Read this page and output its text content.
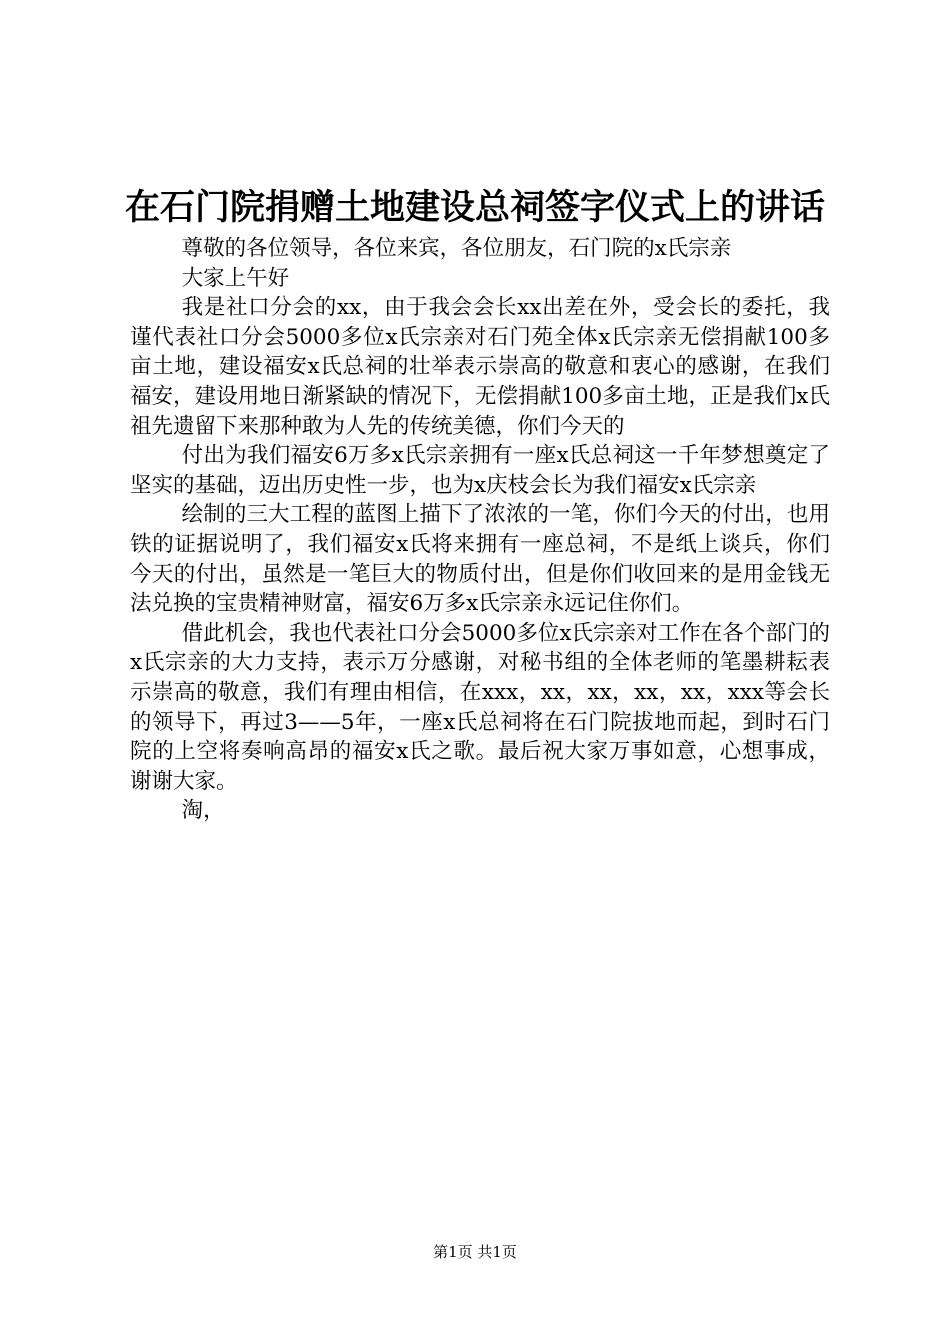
在石门院捐赠土地建设总祠签字仪式上的讲话

尊敬的各位领导，各位来宾，各位朋友，石门院的x氏宗亲

大家上午好

我是社口分会的xx，由于我会会长xx出差在外，受会长的委托，我谨代表社口分会5000多位x氏宗亲对石门苑全体x氏宗亲无偿捐献100多亩土地，建设福安x氏总祠的壮举表示崇高的敬意和衷心的感谢，在我们福安，建设用地日渐紧缺的情况下，无偿捐献100多亩土地，正是我们x氏祖先遗留下来那种敢为人先的传统美德，你们今天的

付出为我们福安6万多x氏宗亲拥有一座x氏总祠这一千年梦想奠定了坚实的基础，迈出历史性一步，也为x庆枝会长为我们福安x氏宗亲

绘制的三大工程的蓝图上描下了浓浓的一笔，你们今天的付出，也用铁的证据说明了，我们福安x氏将来拥有一座总祠，不是纸上谈兵，你们今天的付出，虽然是一笔巨大的物质付出，但是你们收回来的是用金钱无法兑换的宝贵精神财富，福安6万多x氏宗亲永远记住你们。

借此机会，我也代表社口分会5000多位x氏宗亲对工作在各个部门的x氏宗亲的大力支持，表示万分感谢，对秘书组的全体老师的笔墨耕耘表示崇高的敬意，我们有理由相信，在xxx，xx，xx，xx，xx，xxx等会长的领导下，再过3——5年，一座x氏总祠将在石门院拔地而起，到时石门院的上空将奏响高昂的福安x氏之歌。最后祝大家万事如意，心想事成，谢谢大家。

淘，

第1页 共1页
